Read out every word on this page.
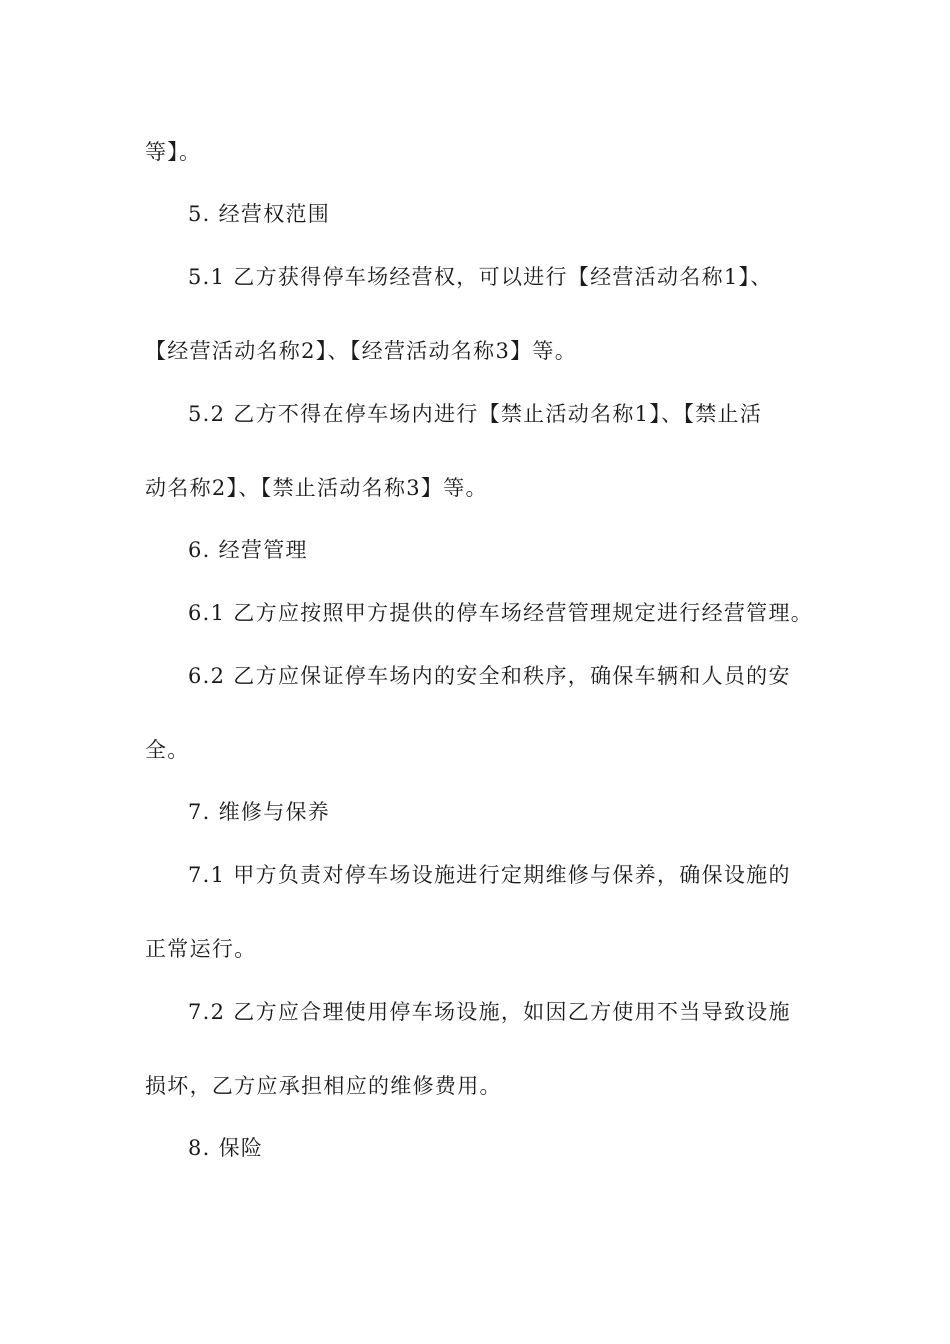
等】。
5. 经营权范围
5.1 乙方获得停车场经营权，可以进行【经营活动名称1】、
【经营活动名称2】、【经营活动名称3】等。
5.2 乙方不得在停车场内进行【禁止活动名称1】、【禁止活
动名称2】、【禁止活动名称3】等。
6. 经营管理
6.1 乙方应按照甲方提供的停车场经营管理规定进行经营管理。
6.2 乙方应保证停车场内的安全和秩序，确保车辆和人员的安
全。
7. 维修与保养
7.1 甲方负责对停车场设施进行定期维修与保养，确保设施的
正常运行。
7.2 乙方应合理使用停车场设施，如因乙方使用不当导致设施
损坏，乙方应承担相应的维修费用。
8. 保险
